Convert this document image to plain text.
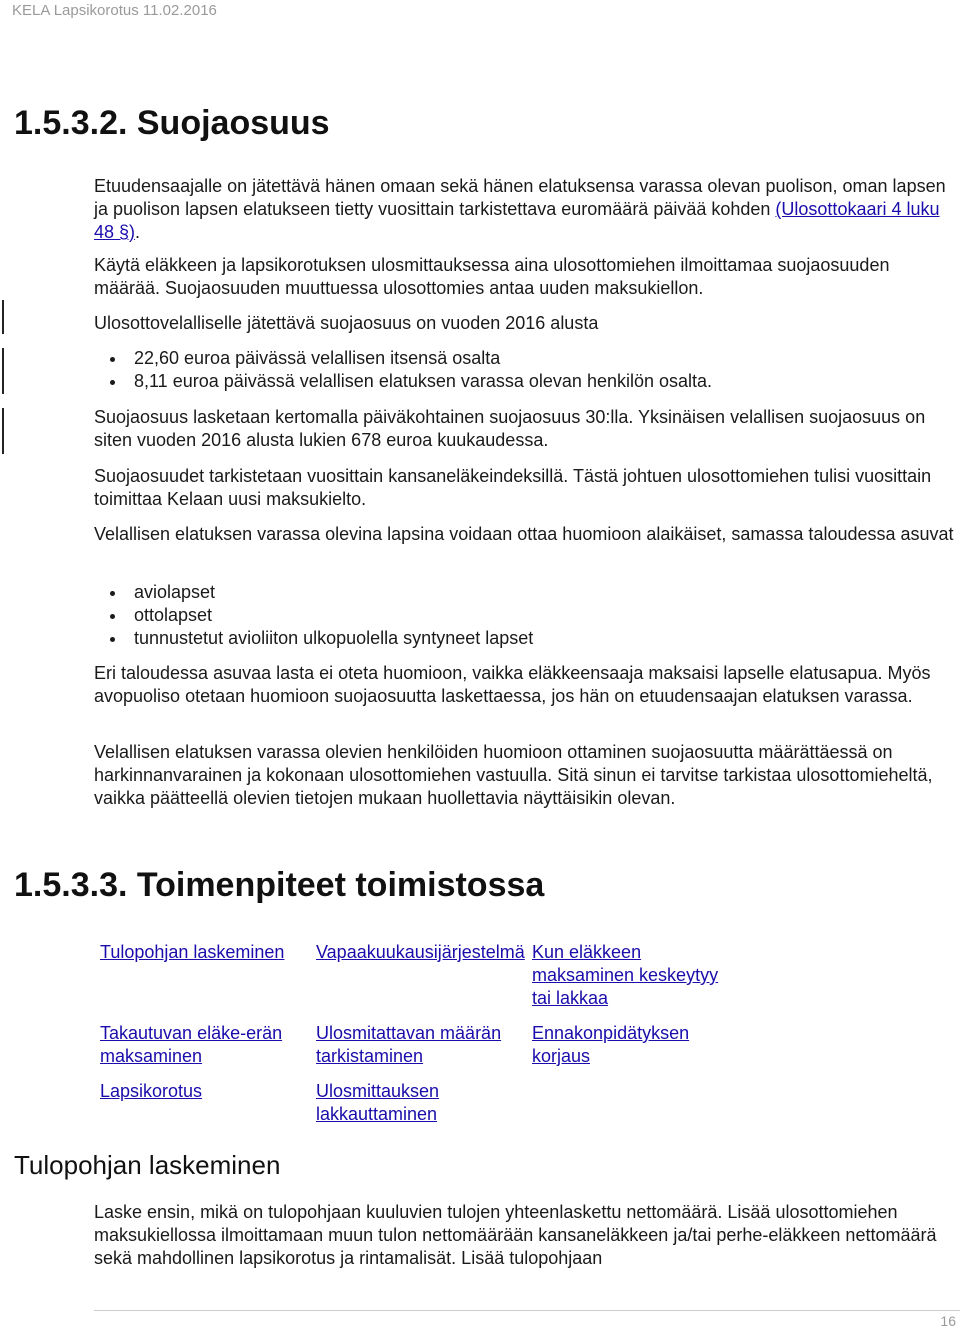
KELA Lapsikorotus 11.02.2016
1.5.3.2. Suojaosuus

Etuudensaajalle on jätettävä hänen omaan sekä hänen elatuksensa varassa olevan puolison, oman lapsen ja puolison lapsen elatukseen tietty vuosittain tarkistettava euromäärä päivää kohden (Ulosottokaari 4 luku 48 §).

Käytä eläkkeen ja lapsikorotuksen ulosmittauksessa aina ulosottomiehen ilmoittamaa suojaosuuden määrää. Suojaosuuden muuttuessa ulosottomies antaa uuden maksukiellon.

Ulosottovelalliselle jätettävä suojaosuus on vuoden 2016 alusta

22,60 euroa päivässä velallisen itsensä osalta
8,11 euroa päivässä velallisen elatuksen varassa olevan henkilön osalta.

Suojaosuus lasketaan kertomalla päiväkohtainen suojaosuus 30:lla. Yksinäisen velallisen suojaosuus on siten vuoden 2016 alusta lukien 678 euroa kuukaudessa.

Suojaosuudet tarkistetaan vuosittain kansaneläkeindeksillä. Tästä johtuen ulosottomiehen tulisi vuosittain toimittaa Kelaan uusi maksukielto.

Velallisen elatuksen varassa olevina lapsina voidaan ottaa huomioon alaikäiset, samassa taloudessa asuvat

aviolapset
ottolapset
tunnustetut avioliiton ulkopuolella syntyneet lapset

Eri taloudessa asuvaa lasta ei oteta huomioon, vaikka eläkkeensaaja maksaisi lapselle elatusapua. Myös avopuoliso otetaan huomioon suojaosuutta laskettaessa, jos hän on etuudensaajan elatuksen varassa.

Velallisen elatuksen varassa olevien henkilöiden huomioon ottaminen suojaosuutta määrättäessä on harkinnanvarainen ja kokonaan ulosottomiehen vastuulla. Sitä sinun ei tarvitse tarkistaa ulosottomieheltä, vaikka päätteellä olevien tietojen mukaan huollettavia näyttäisikin olevan.

1.5.3.3. Toimenpiteet toimistossa
Tulopohjan laskeminen	Vapaakuukausijärjestelmä Kun eläkkeen maksaminen keskeytyy tai lakkaa
Takautuvan eläke-erän maksaminen
Ulosmitattavan määrän tarkistaminen
Ennakonpidätyksen korjaus
Lapsikorotus	Ulosmittauksen lakkauttaminen
Tulopohjan laskeminen

Laske ensin, mikä on tulopohjaan kuuluvien tulojen yhteenlaskettu nettomäärä. Lisää ulosottomiehen maksukiellossa ilmoittamaan muun tulon nettomäärään kansaneläkkeen ja/tai perhe-eläkkeen nettomäärä sekä mahdollinen lapsikorotus ja rintamalisät. Lisää tulopohjaan

16
